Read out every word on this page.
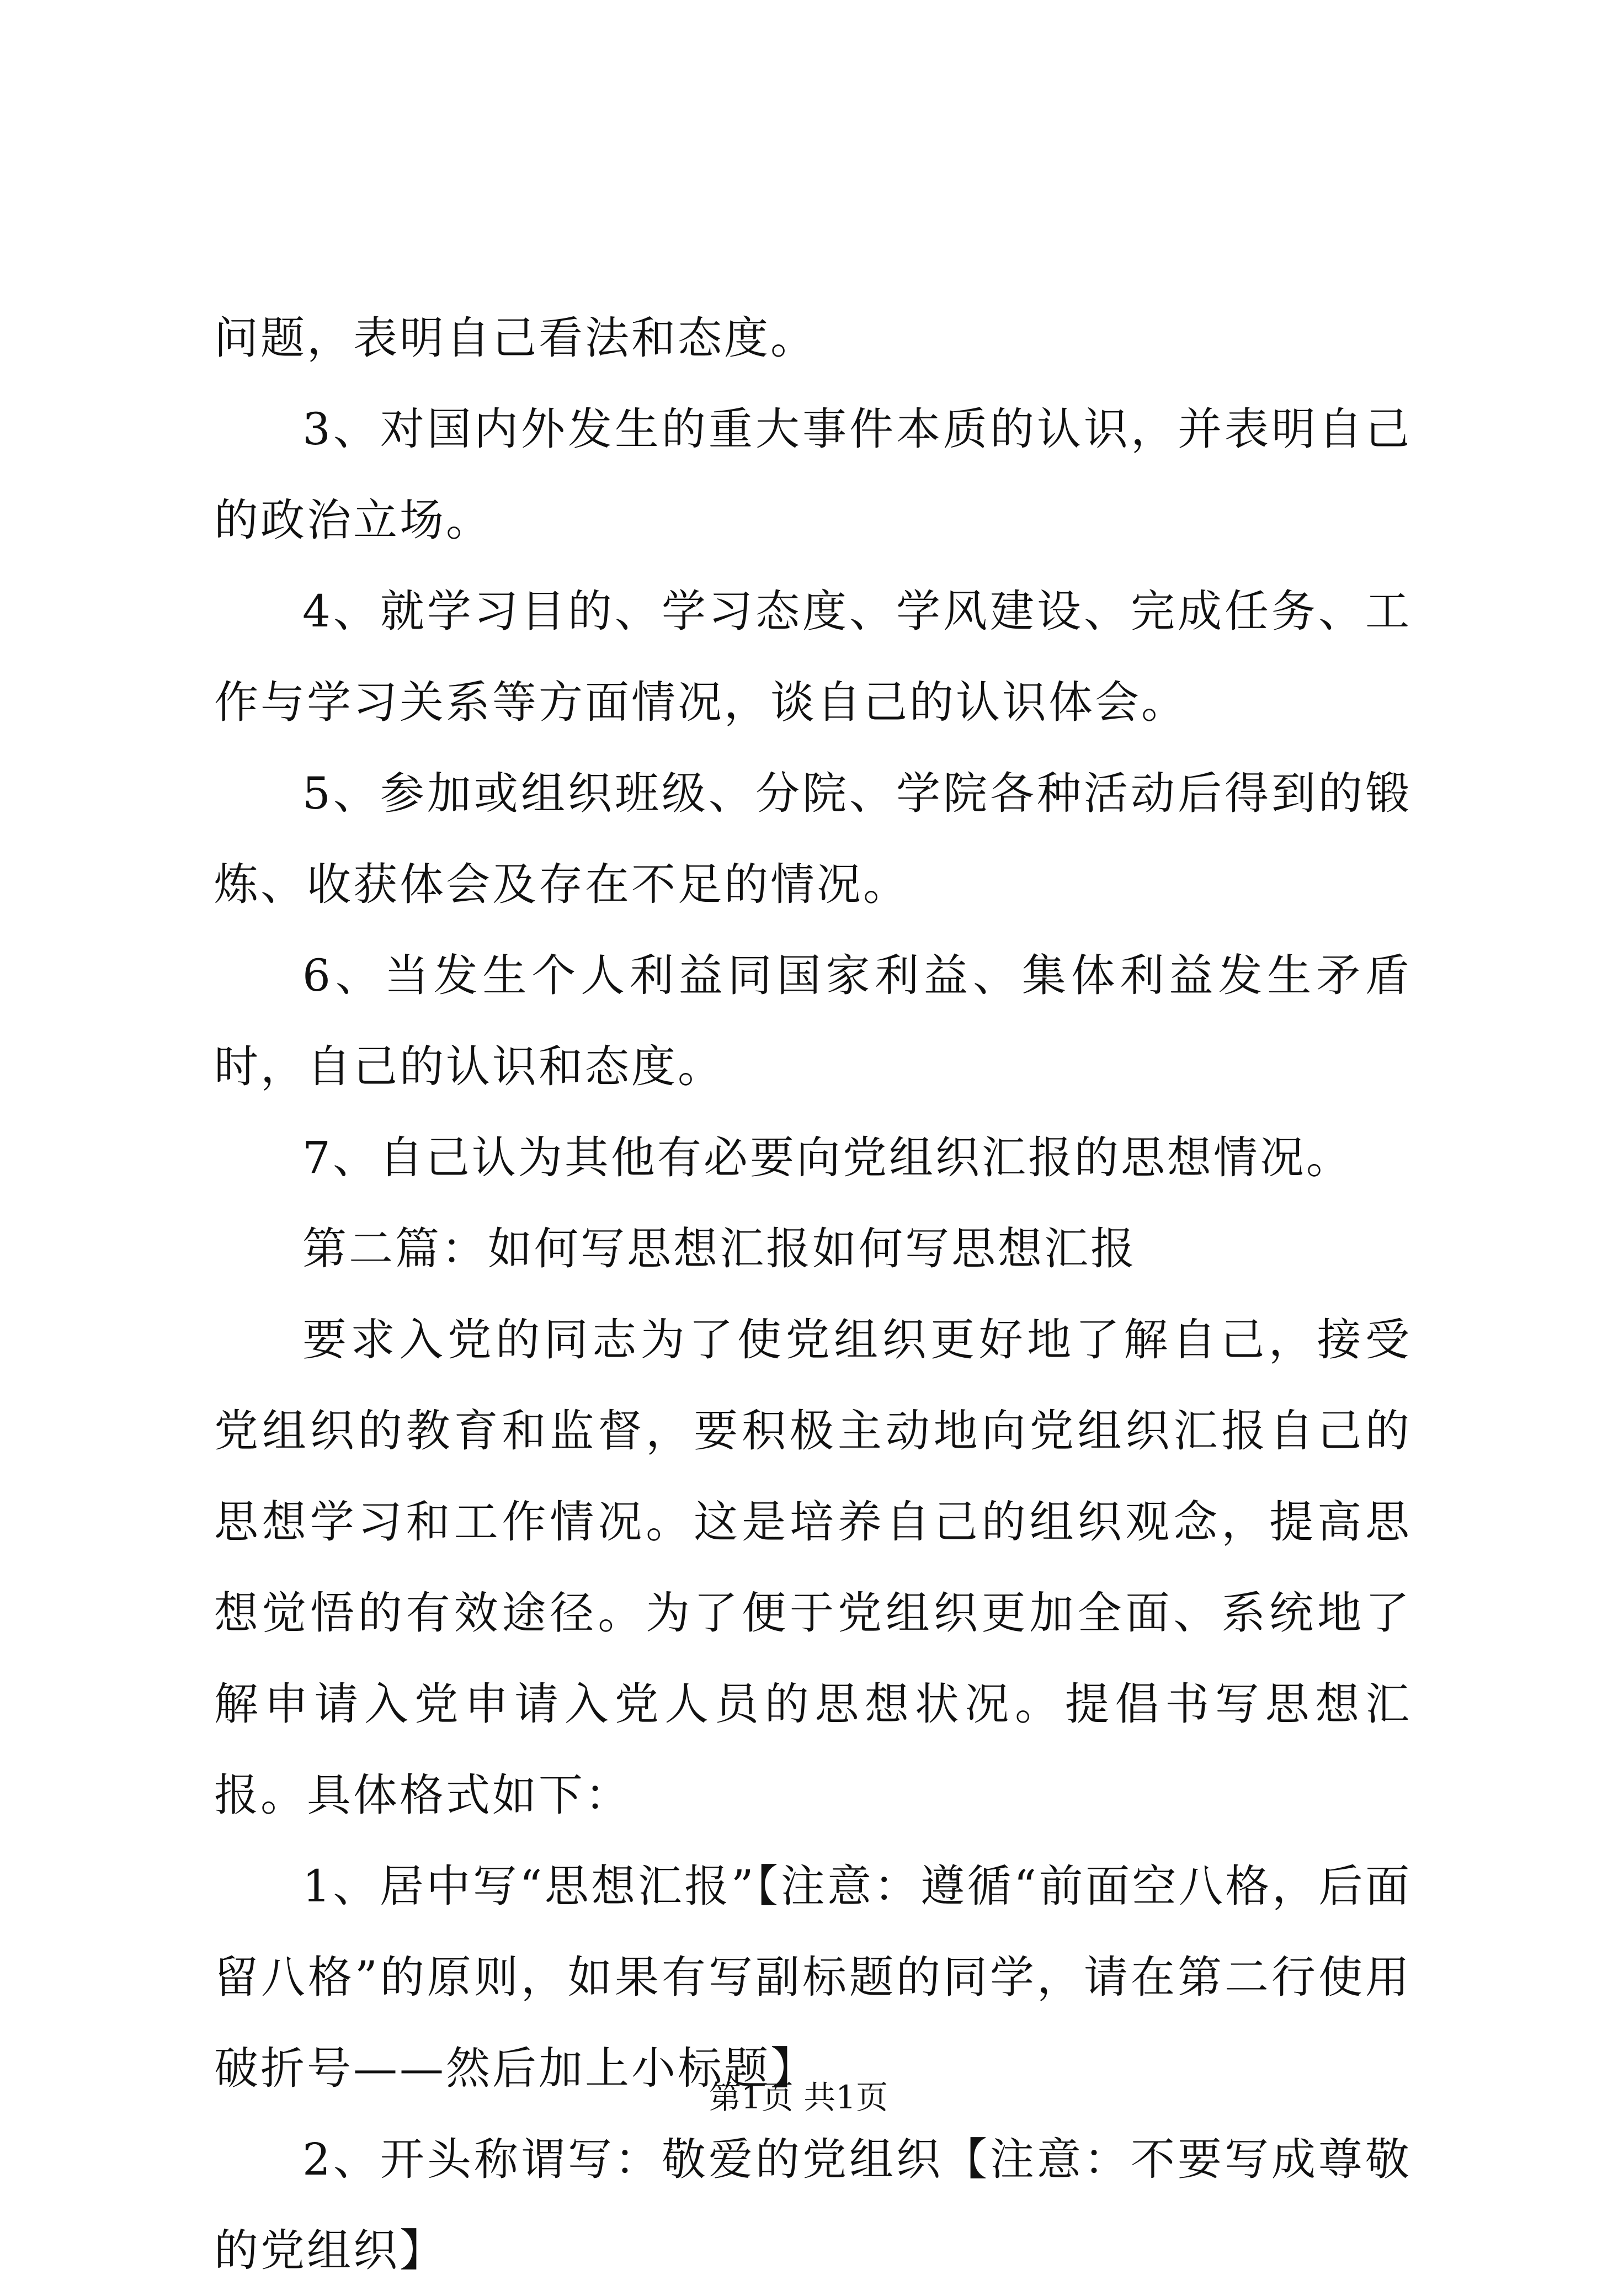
问题，表明自己看法和态度。

3、对国内外发生的重大事件本质的认识，并表明自己的政治立场。

4、就学习目的、学习态度、学风建设、完成任务、工作与学习关系等方面情况，谈自己的认识体会。

5、参加或组织班级、分院、学院各种活动后得到的锻炼、收获体会及存在不足的情况。

6、当发生个人利益同国家利益、集体利益发生矛盾时，自己的认识和态度。

7、自己认为其他有必要向党组织汇报的思想情况。

第二篇：如何写思想汇报如何写思想汇报

要求入党的同志为了使党组织更好地了解自己，接受党组织的教育和监督，要积极主动地向党组织汇报自己的思想学习和工作情况。这是培养自己的组织观念，提高思想觉悟的有效途径。为了便于党组织更加全面、系统地了解申请入党申请入党人员的思想状况。提倡书写思想汇报。具体格式如下：

1、居中写“思想汇报”【注意：遵循“前面空八格，后面留八格”的原则，如果有写副标题的同学，请在第二行使用破折号——然后加上小标题】

2、开头称谓写：敬爱的党组织【注意：不要写成尊敬的党组织】

第1页 共1页
